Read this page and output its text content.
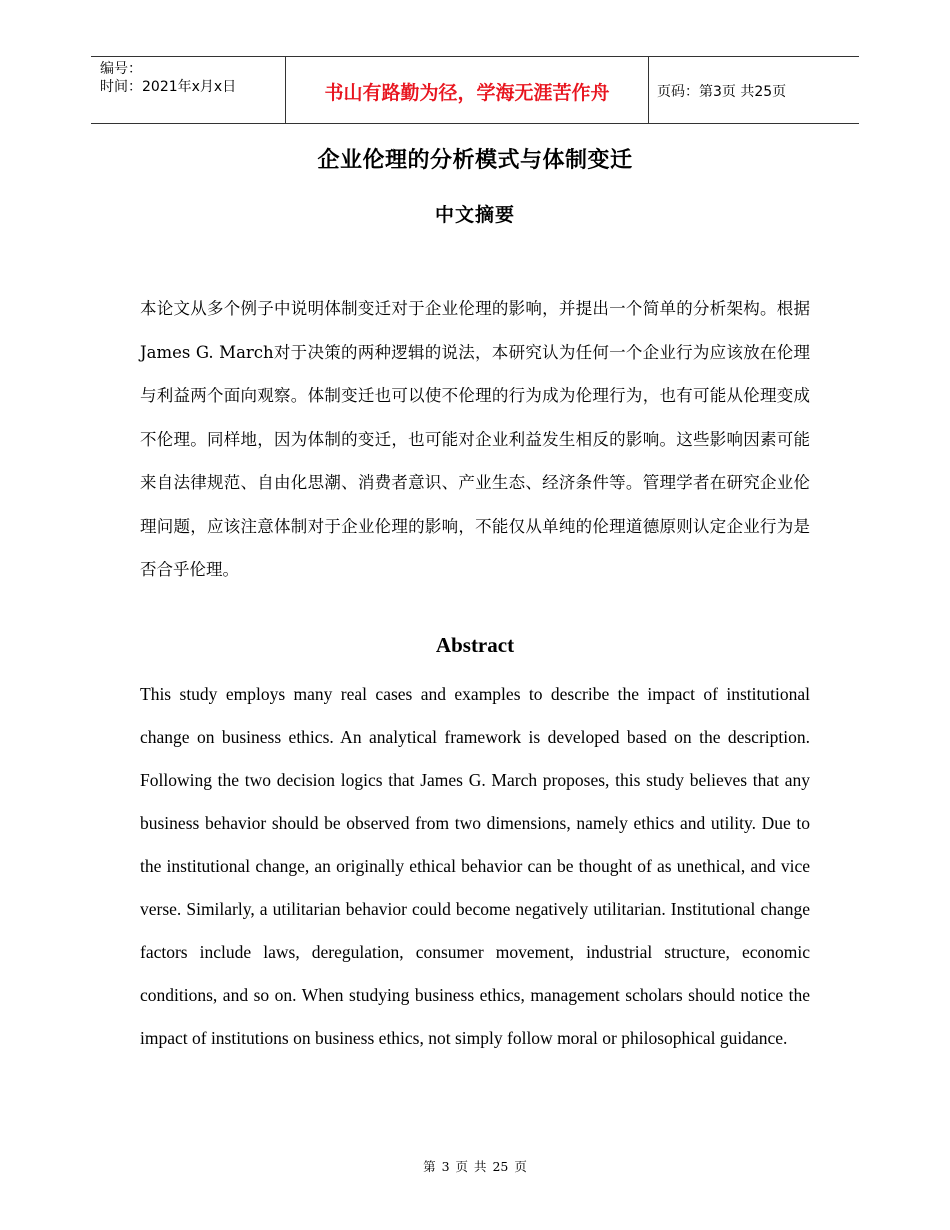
编号：
时间：2021年x月x日	书山有路勤为径，学海无涯苦作舟	页码：第3页 共25页
企业伦理的分析模式与体制变迁
中文摘要

本论文从多个例子中说明体制变迁对于企业伦理的影响，并提出一个简单的分析架构。根据James G. March对于决策的两种逻辑的说法，本研究认为任何一个企业行为应该放在伦理与利益两个面向观察。体制变迁也可以使不伦理的行为成为伦理行为，也有可能从伦理变成不伦理。同样地，因为体制的变迁，也可能对企业利益发生相反的影响。这些影响因素可能来自法律规范、自由化思潮、消费者意识、产业生态、经济条件等。管理学者在研究企业伦理问题，应该注意体制对于企业伦理的影响，不能仅从单纯的伦理道德原则认定企业行为是否合乎伦理。

Abstract

This study employs many real cases and examples to describe the impact of institutional change on business ethics. An analytical framework is developed based on the description. Following the two decision logics that James G. March proposes, this study believes that any business behavior should be observed from two dimensions, namely ethics and utility. Due to the institutional change, an originally ethical behavior can be thought of as unethical, and vice verse. Similarly, a utilitarian behavior could become negatively utilitarian. Institutional change factors include laws, deregulation, consumer movement, industrial structure, economic conditions, and so on. When studying business ethics, management scholars should notice the impact of institutions on business ethics, not simply follow moral or philosophical guidance.

第 3 页 共 25 页
